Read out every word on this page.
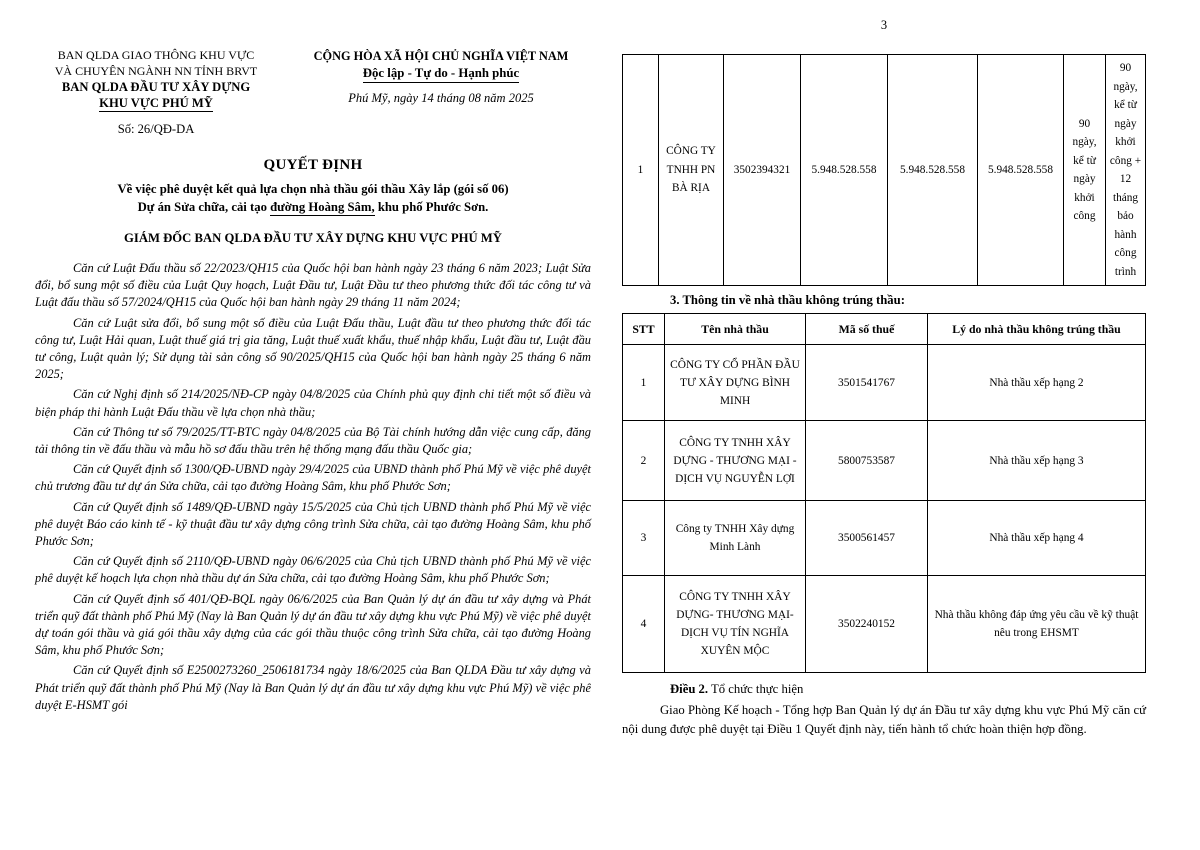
BAN QLDA GIAO THÔNG KHU VỰC
VÀ CHUYÊN NGÀNH NN TỈNH BRVT
BAN QLDA ĐẦU TƯ XÂY DỰNG
KHU VỰC PHÚ MỸ
Số: 26/QĐ-DA
CỘNG HÒA XÃ HỘI CHỦ NGHĨA VIỆT NAM
Độc lập - Tự do - Hạnh phúc
Phú Mỹ, ngày 14 tháng 08 năm 2025
QUYẾT ĐỊNH
Về việc phê duyệt kết quả lựa chọn nhà thầu gói thầu Xây lắp (gói số 06)
Dự án Sửa chữa, cải tạo đường Hoàng Sâm, khu phố Phước Sơn.
GIÁM ĐỐC BAN QLDA ĐẦU TƯ XÂY DỰNG KHU VỰC PHÚ MỸ

Căn cứ Luật Đấu thầu số 22/2023/QH15 của Quốc hội ban hành ngày 23 tháng 6 năm 2023; Luật Sửa đổi, bổ sung một số điều của Luật Quy hoạch, Luật Đầu tư, Luật Đầu tư theo phương thức đối tác công tư và Luật đấu thầu số 57/2024/QH15 của Quốc hội ban hành ngày 29 tháng 11 năm 2024;

Căn cứ Luật sửa đổi, bổ sung một số điều của Luật Đấu thầu, Luật đầu tư theo phương thức đối tác công tư, Luật Hải quan, Luật thuế giá trị gia tăng, Luật thuế xuất khẩu, thuế nhập khẩu, Luật đầu tư, Luật đầu tư công, Luật quản lý; Sử dụng tài sản công số 90/2025/QH15 của Quốc hội ban hành ngày 25 tháng 6 năm 2025;

Căn cứ Nghị định số 214/2025/NĐ-CP ngày 04/8/2025 của Chính phủ quy định chi tiết một số điều và biện pháp thi hành Luật Đấu thầu về lựa chọn nhà thầu;

Căn cứ Thông tư số 79/2025/TT-BTC ngày 04/8/2025 của Bộ Tài chính hướng dẫn việc cung cấp, đăng tải thông tin về đấu thầu và mẫu hồ sơ đấu thầu trên hệ thống mạng đấu thầu Quốc gia;

Căn cứ Quyết định số 1300/QĐ-UBND ngày 29/4/2025 của UBND thành phố Phú Mỹ về việc phê duyệt chủ trương đầu tư dự án Sửa chữa, cải tạo đường Hoàng Sâm, khu phố Phước Sơn;

Căn cứ Quyết định số 1489/QĐ-UBND ngày 15/5/2025 của Chủ tịch UBND thành phố Phú Mỹ về việc phê duyệt Báo cáo kinh tế - kỹ thuật đầu tư xây dựng công trình Sửa chữa, cải tạo đường Hoàng Sâm, khu phố Phước Sơn;

Căn cứ Quyết định số 2110/QĐ-UBND ngày 06/6/2025 của Chủ tịch UBND thành phố Phú Mỹ về việc phê duyệt kế hoạch lựa chọn nhà thầu dự án Sửa chữa, cải tạo đường Hoàng Sâm, khu phố Phước Sơn;

Căn cứ Quyết định số 401/QĐ-BQL ngày 06/6/2025 của Ban Quản lý dự án đầu tư xây dựng và Phát triển quỹ đất thành phố Phú Mỹ (Nay là Ban Quản lý dự án đầu tư xây dựng khu vực Phú Mỹ) về việc phê duyệt dự toán gói thầu và giá gói thầu xây dựng của các gói thầu thuộc công trình Sửa chữa, cải tạo đường Hoàng Sâm, khu phố Phước Sơn;

Căn cứ Quyết định số E2500273260_2506181734 ngày 18/6/2025 của Ban QLDA Đầu tư xây dựng và Phát triển quỹ đất thành phố Phú Mỹ (Nay là Ban Quản lý dự án đầu tư xây dựng khu vực Phú Mỹ) về việc phê duyệt E-HSMT gói

3
1	CÔNG TY TNHH PN BÀ RỊA	3502394321	5.948.528.558	5.948.528.558	5.948.528.558	90 ngày, kể từ ngày khởi công	90 ngày, kể từ ngày khởi công + 12 tháng bảo hành công trình
3. Thông tin về nhà thầu không trúng thầu:
STT	Tên nhà thầu	Mã số thuế	Lý do nhà thầu không trúng thầu
1	CÔNG TY CỔ PHẦN ĐẦU TƯ XÂY DỰNG BÌNH MINH	3501541767	Nhà thầu xếp hạng 2
2	CÔNG TY TNHH XÂY DỰNG - THƯƠNG MẠI - DỊCH VỤ NGUYỄN LỢI	5800753587	Nhà thầu xếp hạng 3
3	Công ty TNHH Xây dựng Minh Lành	3500561457	Nhà thầu xếp hạng 4
4	CÔNG TY TNHH XÂY DỰNG- THƯƠNG MẠI-DỊCH VỤ TÍN NGHĨA XUYÊN MỘC	3502240152	Nhà thầu không đáp ứng yêu cầu về kỹ thuật nêu trong EHSMT
Điều 2. Tổ chức thực hiện
Giao Phòng Kế hoạch - Tổng hợp Ban Quản lý dự án Đầu tư xây dựng khu vực Phú Mỹ căn cứ nội dung được phê duyệt tại Điều 1 Quyết định này, tiến hành tổ chức hoàn thiện hợp đồng.
